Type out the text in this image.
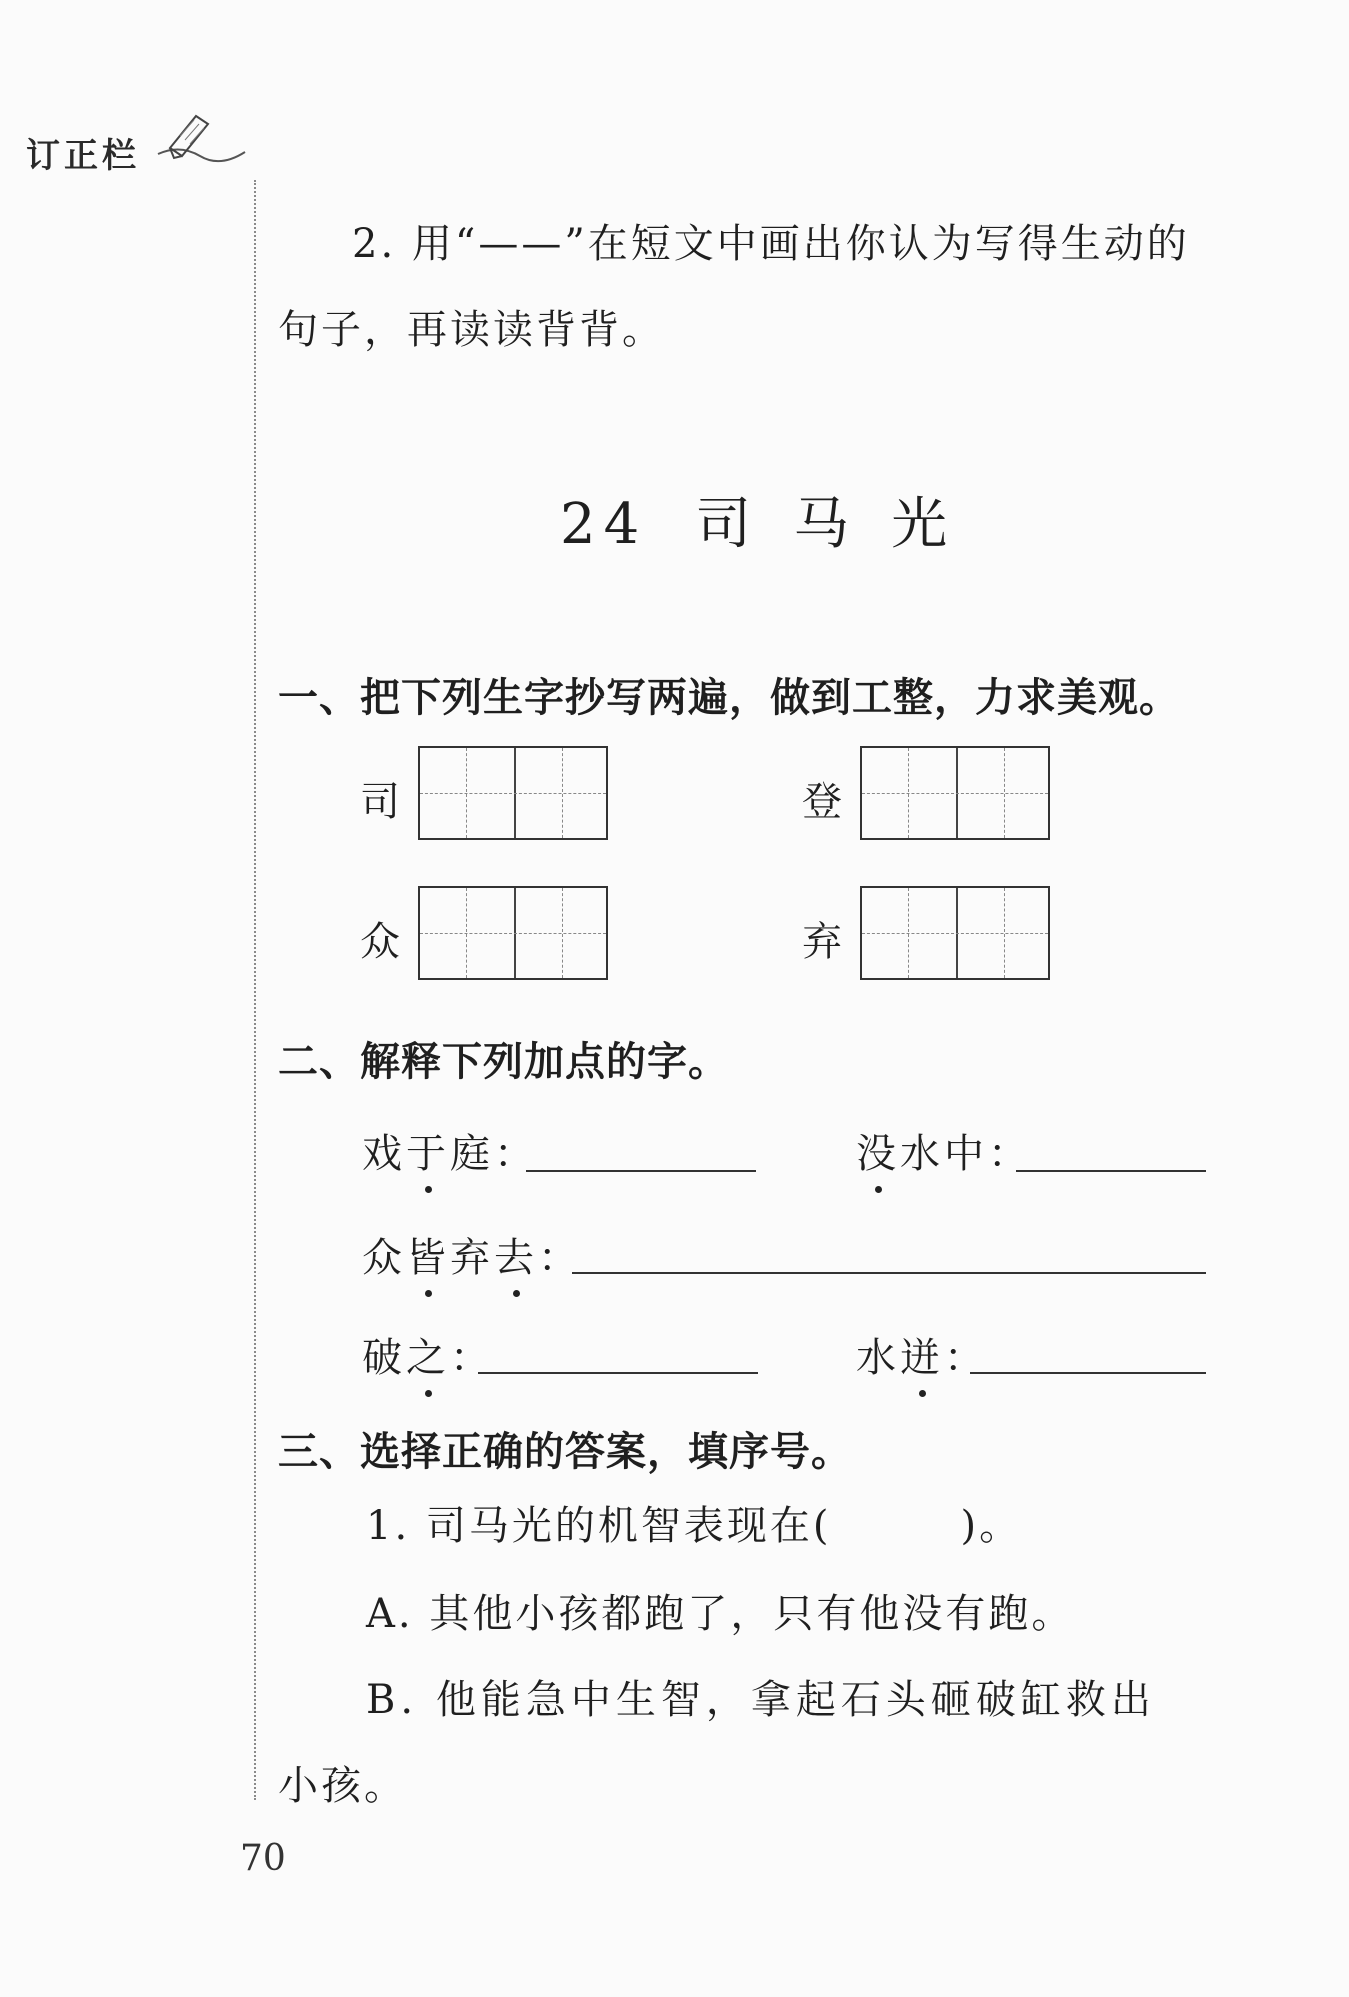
订正栏
2. 用“——”在短文中画出你认为写得生动的
句子，再读读背背。
24 司 马 光
一、把下列生字抄写两遍，做到工整，力求美观。
司	登
众	弃
二、解释下列加点的字。
戏于庭：	没水中：
众皆弃去：
破之：	水迸：
三、选择正确的答案，填序号。
1. 司马光的机智表现在(　　　)。
A. 其他小孩都跑了，只有他没有跑。
B. 他能急中生智，拿起石头砸破缸救出
小孩。
70
